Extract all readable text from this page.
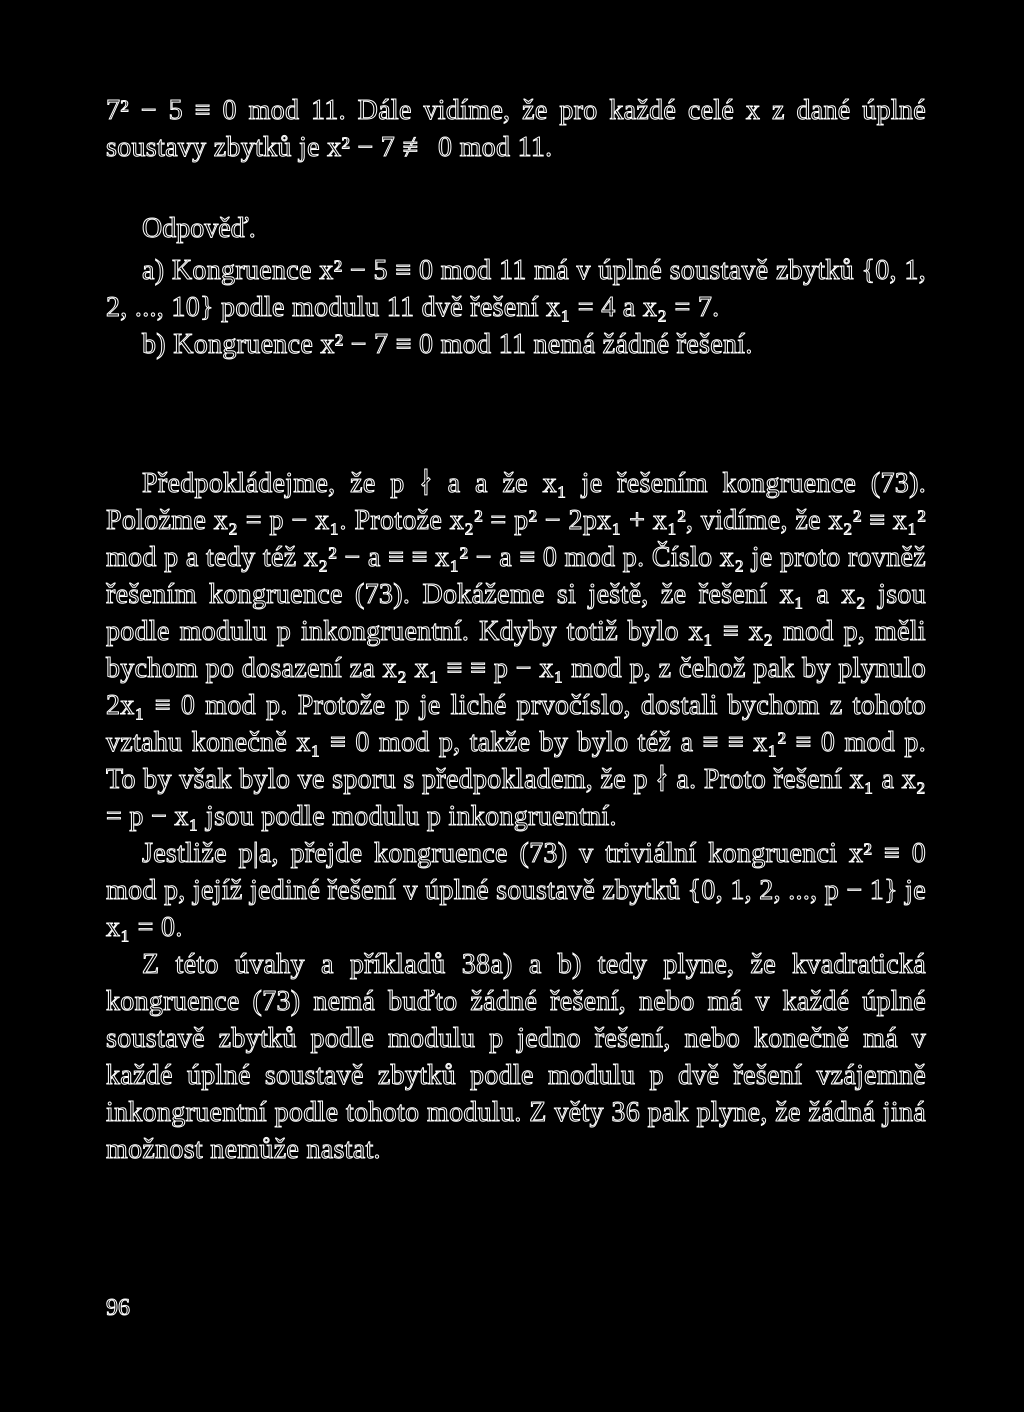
7² − 5 ≡ 0 mod 11. Dále vidíme, že pro každé celé x z dané úplné soustavy zbytků je x² − 7 ≢ 0 mod 11.

Odpověď.

a) Kongruence x² − 5 ≡ 0 mod 11 má v úplné soustavě zbytků {0, 1, 2, ..., 10} podle modulu 11 dvě řešení x₁ = 4 a x₂ = 7.

b) Kongruence x² − 7 ≡ 0 mod 11 nemá žádné řešení.

Předpokládejme, že p ∤ a a že x₁ je řešením kongruence (73). Položme x₂ = p − x₁. Protože x₂² = p² − 2px₁ + x₁², vidíme, že x₂² ≡ x₁² mod p a tedy též x₂² − a ≡ ≡ x₁² − a ≡ 0 mod p. Číslo x₂ je proto rovněž řešením kongruence (73). Dokážeme si ještě, že řešení x₁ a x₂ jsou podle modulu p inkongruentní. Kdyby totiž bylo x₁ ≡ x₂ mod p, měli bychom po dosazení za x₂ x₁ ≡ ≡ p − x₁ mod p, z čehož pak by plynulo 2x₁ ≡ 0 mod p. Protože p je liché prvočíslo, dostali bychom z tohoto vztahu konečně x₁ ≡ 0 mod p, takže by bylo též a ≡ ≡ x₁² ≡ 0 mod p. To by však bylo ve sporu s předpokladem, že p ∤ a. Proto řešení x₁ a x₂ = p − x₁ jsou podle modulu p inkongruentní.

Jestliže p|a, přejde kongruence (73) v triviální kongruenci x² ≡ 0 mod p, jejíž jediné řešení v úplné soustavě zbytků {0, 1, 2, ..., p − 1} je x₁ = 0.

Z této úvahy a příkladů 38a) a b) tedy plyne, že kvadratická kongruence (73) nemá buďto žádné řešení, nebo má v každé úplné soustavě zbytků podle modulu p jedno řešení, nebo konečně má v každé úplné soustavě zbytků podle modulu p dvě řešení vzájemně inkongruentní podle tohoto modulu. Z věty 36 pak plyne, že žádná jiná možnost nemůže nastat.

96
